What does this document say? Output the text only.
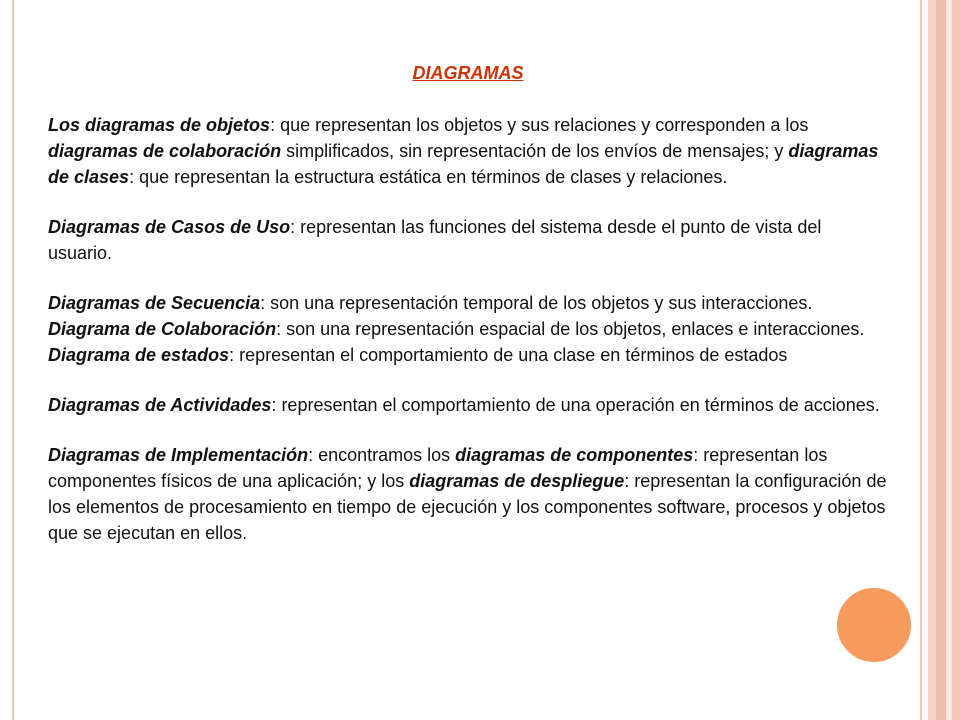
DIAGRAMAS
Los diagramas de objetos: que representan los objetos y sus relaciones y corresponden a los diagramas de colaboración simplificados, sin representación de los envíos de mensajes; y diagramas de clases: que representan la estructura estática en términos de clases y relaciones.
Diagramas de Casos de Uso: representan las funciones del sistema desde el punto de vista del usuario.
Diagramas de Secuencia: son una representación temporal de los objetos y sus interacciones. Diagrama de Colaboración: son una representación espacial de los objetos, enlaces e interacciones. Diagrama de estados: representan el comportamiento de una clase en términos de estados
Diagramas de Actividades: representan el comportamiento de una operación en términos de acciones.
Diagramas de Implementación: encontramos los diagramas de componentes: representan los componentes físicos de una aplicación; y los diagramas de despliegue: representan la configuración de los elementos de procesamiento en tiempo de ejecución y los componentes software, procesos y objetos que se ejecutan en ellos.
